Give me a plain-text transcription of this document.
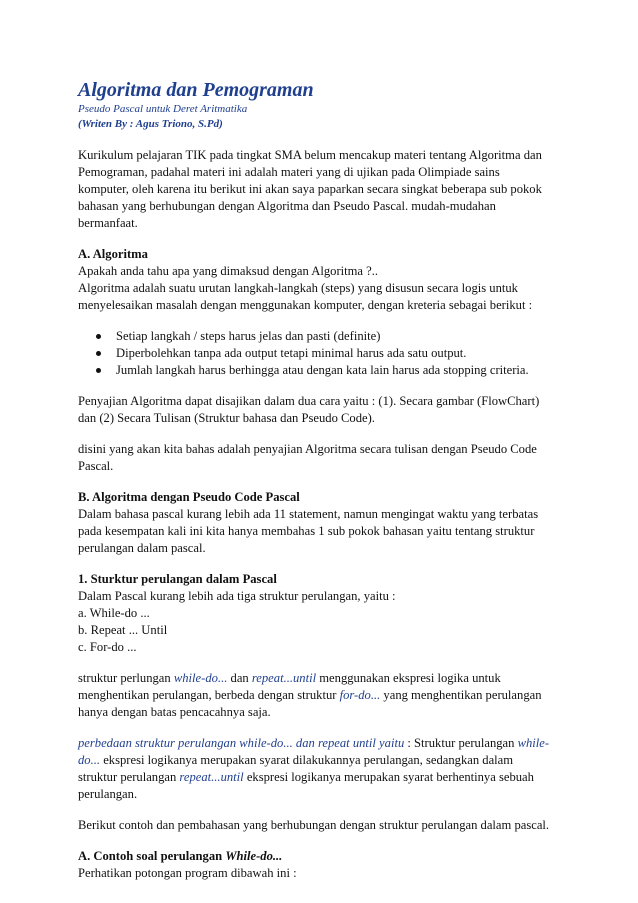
Algoritma dan Pemograman
Pseudo Pascal untuk Deret Aritmatika
(Writen By : Agus Triono, S.Pd)

Kurikulum pelajaran TIK pada tingkat SMA belum mencakup materi tentang Algoritma dan

Pemograman, padahal materi ini adalah materi yang di ujikan pada Olimpiade sains

komputer, oleh karena itu berikut ini akan saya paparkan secara singkat beberapa sub pokok

bahasan yang berhubungan dengan Algoritma dan Pseudo Pascal. mudah-mudahan

bermanfaat.

A. Algoritma

Apakah anda tahu apa yang dimaksud dengan Algoritma ?..

Algoritma adalah suatu urutan langkah-langkah (steps) yang disusun secara logis untuk

menyelesaikan masalah dengan menggunakan komputer, dengan kreteria sebagai berikut :

Setiap langkah / steps harus jelas dan pasti (definite)
Diperbolehkan tanpa ada output tetapi minimal harus ada satu output.
Jumlah langkah harus berhingga atau dengan kata lain harus ada stopping criteria.

Penyajian Algoritma dapat disajikan dalam dua cara yaitu : (1). Secara gambar (FlowChart)

dan (2) Secara Tulisan (Struktur bahasa dan Pseudo Code).

disini yang akan kita bahas adalah penyajian Algoritma secara tulisan dengan Pseudo Code

Pascal.

B. Algoritma dengan Pseudo Code Pascal

Dalam bahasa pascal kurang lebih ada 11 statement, namun mengingat waktu yang terbatas

pada kesempatan kali ini kita hanya membahas 1 sub pokok bahasan yaitu tentang struktur

perulangan dalam pascal.

1. Sturktur perulangan dalam Pascal

Dalam Pascal kurang lebih ada tiga struktur perulangan, yaitu :

a. While-do ...

b. Repeat ... Until

c. For-do ...

struktur perlungan while-do... dan repeat...until menggunakan ekspresi logika untuk

menghentikan perulangan, berbeda dengan struktur for-do... yang menghentikan perulangan

hanya dengan batas pencacahnya saja.

perbedaan struktur perulangan while-do... dan repeat until yaitu : Struktur perulangan while-

do... ekspresi logikanya merupakan syarat dilakukannya perulangan, sedangkan dalam

struktur perulangan repeat...until ekspresi logikanya merupakan syarat berhentinya sebuah

perulangan.

Berikut contoh dan pembahasan yang berhubungan dengan struktur perulangan dalam pascal.

A. Contoh soal perulangan While-do...

Perhatikan potongan program dibawah ini :
